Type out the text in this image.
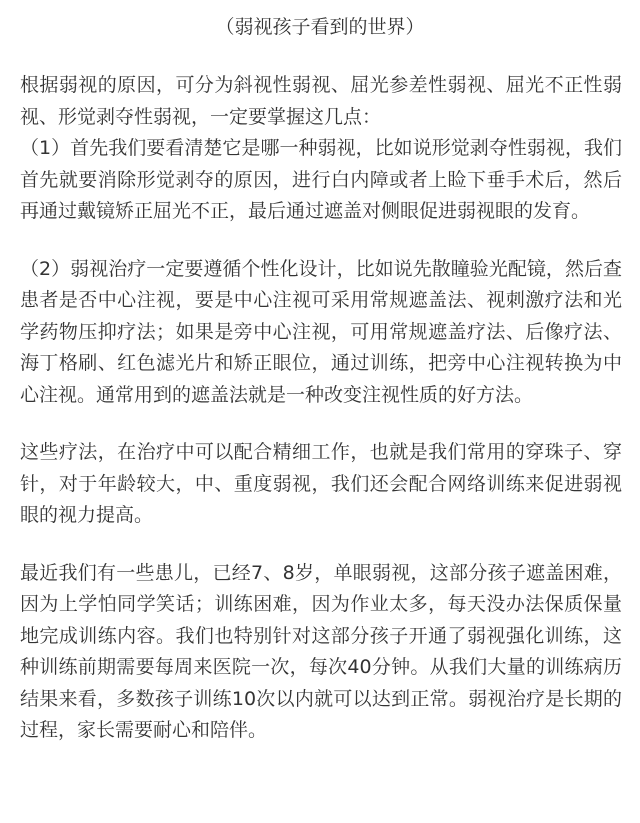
（弱视孩子看到的世界）

根据弱视的原因，可分为斜视性弱视、屈光参差性弱视、屈光不正性弱视、形觉剥夺性弱视，一定要掌握这几点：

（1）首先我们要看清楚它是哪一种弱视，比如说形觉剥夺性弱视，我们首先就要消除形觉剥夺的原因，进行白内障或者上睑下垂手术后，然后再通过戴镜矫正屈光不正，最后通过遮盖对侧眼促进弱视眼的发育。

（2）弱视治疗一定要遵循个性化设计，比如说先散瞳验光配镜，然后查患者是否中心注视，要是中心注视可采用常规遮盖法、视刺激疗法和光学药物压抑疗法；如果是旁中心注视，可用常规遮盖疗法、后像疗法、海丁格刷、红色滤光片和矫正眼位，通过训练，把旁中心注视转换为中心注视。通常用到的遮盖法就是一种改变注视性质的好方法。

这些疗法，在治疗中可以配合精细工作，也就是我们常用的穿珠子、穿针，对于年龄较大，中、重度弱视，我们还会配合网络训练来促进弱视眼的视力提高。

最近我们有一些患儿，已经7、8岁，单眼弱视，这部分孩子遮盖困难，因为上学怕同学笑话；训练困难，因为作业太多，每天没办法保质保量地完成训练内容。我们也特别针对这部分孩子开通了弱视强化训练，这种训练前期需要每周来医院一次，每次40分钟。从我们大量的训练病历结果来看，多数孩子训练10次以内就可以达到正常。弱视治疗是长期的过程，家长需要耐心和陪伴。
